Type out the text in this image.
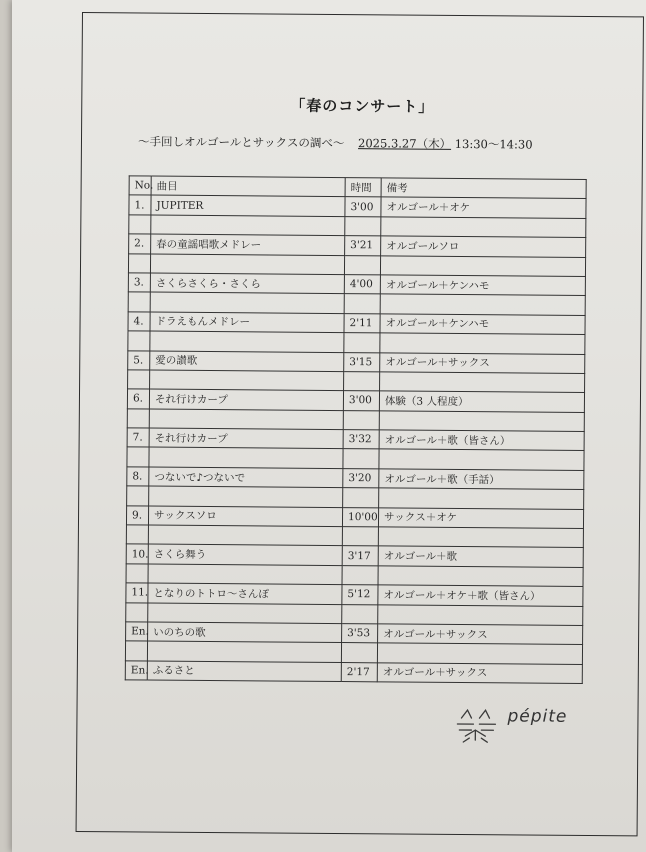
「春のコンサート」
～手回しオルゴールとサックスの調べ～ 2025.3.27（木） 13:30～14:30
No.	曲目	時間	備考
1.	JUPITER	3'00	オルゴール＋オケ

2.	春の童謡唱歌メドレー	3'21	オルゴールソロ

3.	さくらさくら・さくら	4'00	オルゴール＋ケンハモ

4.	ドラえもんメドレー	2'11	オルゴール＋ケンハモ

5.	愛の讃歌	3'15	オルゴール＋サックス

6.	それ行けカープ	3'00	体験（3 人程度）

7.	それ行けカープ	3'32	オルゴール＋歌（皆さん）

8.	つないで♪つないで	3'20	オルゴール＋歌（手話）

9.	サックスソロ	10'00	サックス＋オケ

10.	さくら舞う	3'17	オルゴール＋歌

11.	となりのトトロ～さんぽ	5'12	オルゴール＋オケ＋歌（皆さん）

En.	いのちの歌	3'53	オルゴール＋サックス

En.	ふるさと	2'17	オルゴール＋サックス
pépite
